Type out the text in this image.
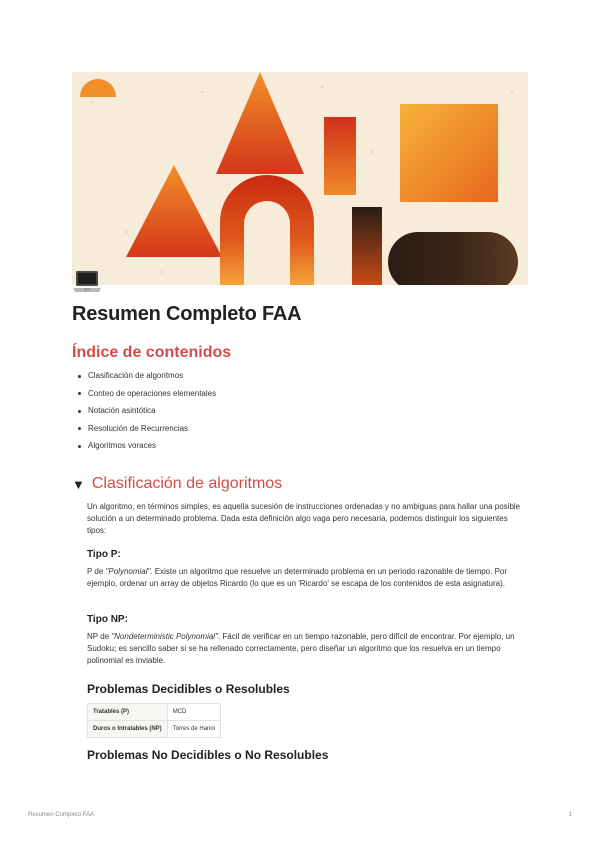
Resumen Completo FAA
Índice de contenidos
Clasificación de algoritmos
Conteo de operaciones elementales
Notación asintótica
Resolución de Recurrencias
Algoritmos voraces
▼ Clasificación de algoritmos

Un algoritmo, en términos simples, es aquella sucesión de instrucciones ordenadas y no ambiguas para hallar una posible solución a un determinado problema. Dada esta definición algo vaga pero necesaria, podemos distinguir los siguientes tipos:

Tipo P:

P de "Polynomial". Existe un algoritmo que resuelve un determinado problema en un periodo razonable de tiempo. Por ejemplo, ordenar un array de objetos Ricardo (lo que es un 'Ricardo' se escapa de los contenidos de esta asignatura).

Tipo NP:

NP de "Nondeterministic Polynomial". Fácil de verificar en un tiempo razonable, pero difícil de encontrar. Por ejemplo, un Sudoku; es sencillo saber si se ha rellenado correctamente, pero diseñar un algoritmo que los resuelva en un tiempo polinomial es inviable.

Problemas Decidibles o Resolubles
Tratables (P)	MCD
Duros o Intratables (NP)	Torres de Hanoi
Problemas No Decidibles o No Resolubles
Resumen Completo FAA	1
